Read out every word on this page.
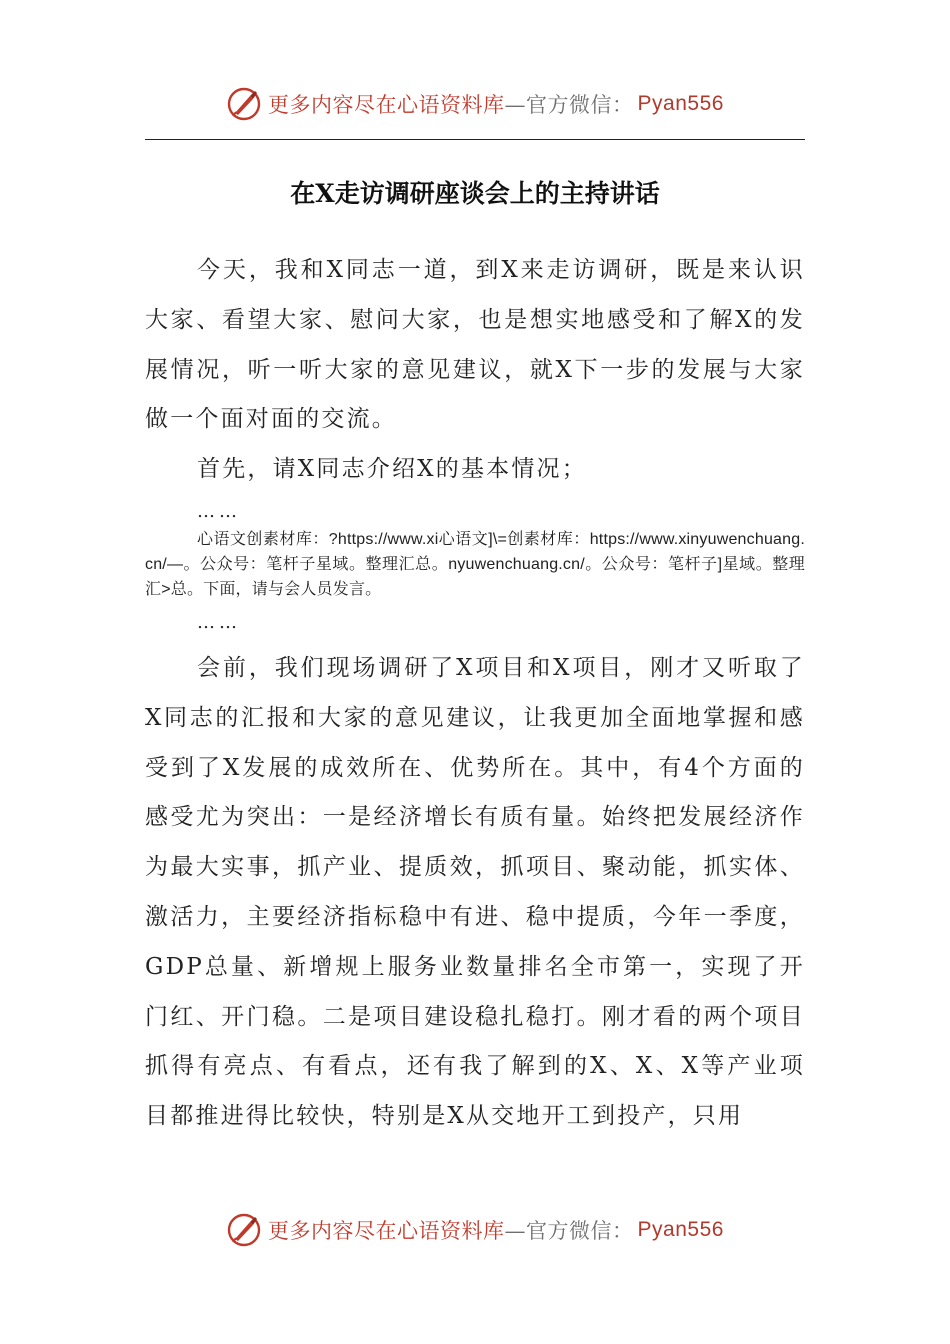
更多内容尽在心语资料库 —官方微信： Pyan556
在X走访调研座谈会上的主持讲话

今天，我和X同志一道，到X来走访调研，既是来认识大家、看望大家、慰问大家，也是想实地感受和了解X的发展情况，听一听大家的意见建议，就X下一步的发展与大家做一个面对面的交流。

首先，请X同志介绍X的基本情况；

……

心语文创素材库：?https://www.xi心语文]\=创素材库：https://www.xinyuwenchuang.cn/—。公众号：笔杆子星域。整理汇总。nyuwenchuang.cn/。公众号：笔杆子]星域。整理汇>总。下面，请与会人员发言。

……

会前，我们现场调研了X项目和X项目，刚才又听取了X同志的汇报和大家的意见建议，让我更加全面地掌握和感受到了X发展的成效所在、优势所在。其中，有4个方面的感受尤为突出：一是经济增长有质有量。始终把发展经济作为最大实事，抓产业、提质效，抓项目、聚动能，抓实体、激活力，主要经济指标稳中有进、稳中提质，今年一季度，GDP总量、新增规上服务业数量排名全市第一，实现了开门红、开门稳。二是项目建设稳扎稳打。刚才看的两个项目抓得有亮点、有看点，还有我了解到的X、X、X等产业项目都推进得比较快，特别是X从交地开工到投产，只用

更多内容尽在心语资料库 —官方微信： Pyan556
